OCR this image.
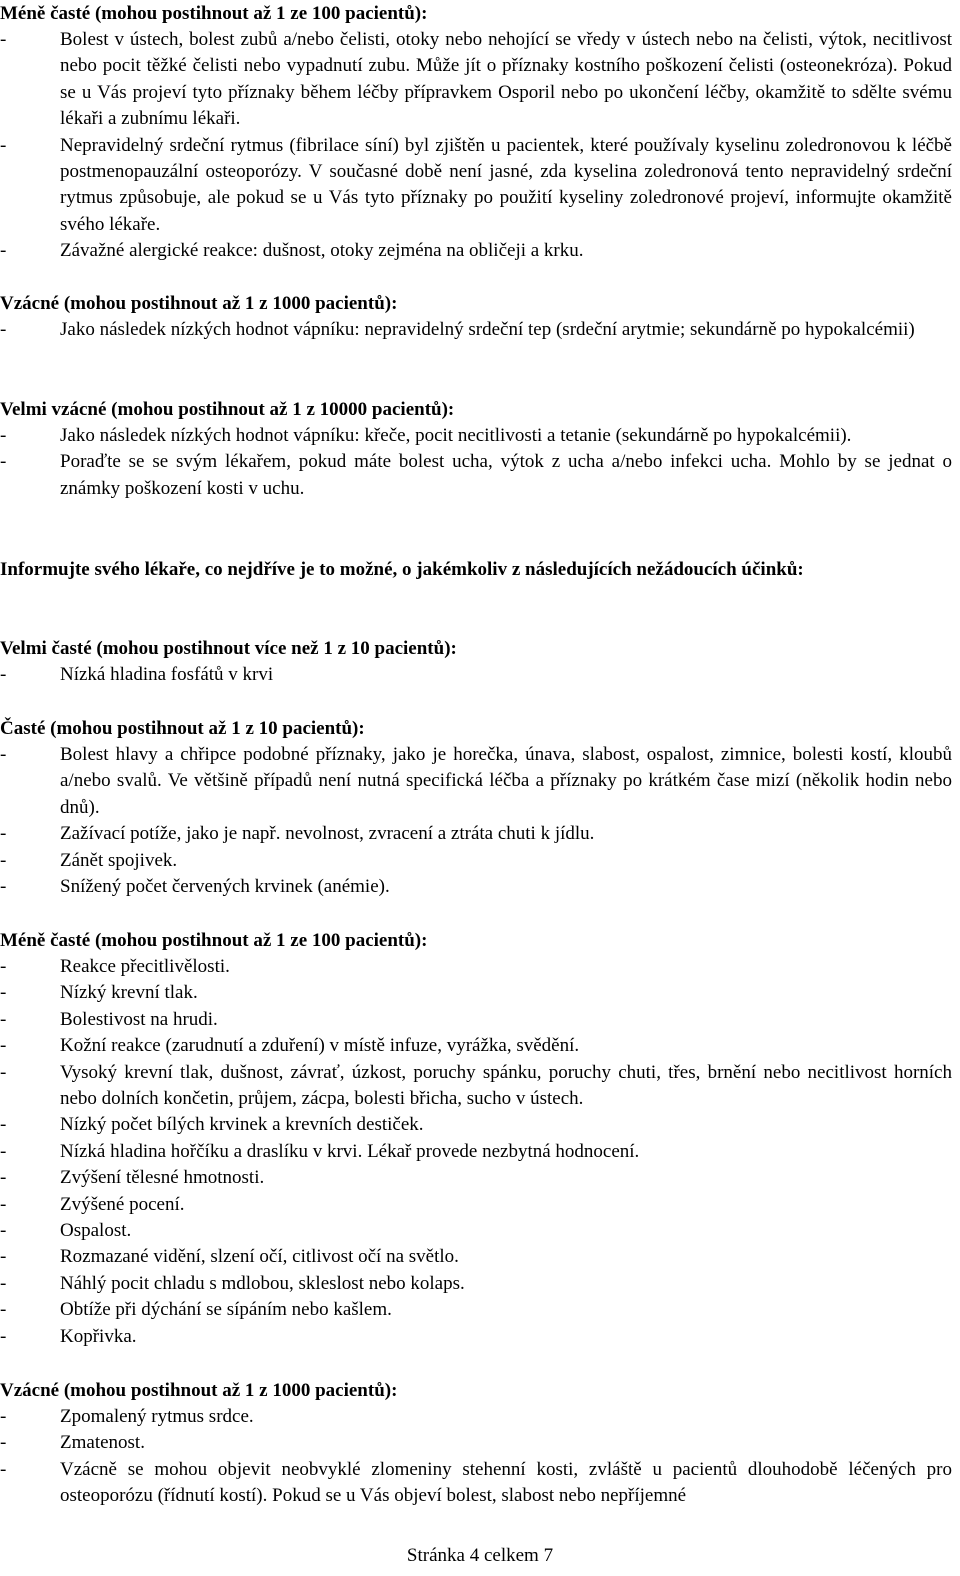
Méně časté (mohou postihnout až 1 ze 100 pacientů):
-	Bolest v ústech, bolest zubů a/nebo čelisti, otoky nebo nehojící se vředy v ústech nebo na čelisti, výtok, necitlivost nebo pocit těžké čelisti nebo vypadnutí zubu. Může jít o příznaky kostního poškození čelisti (osteonekróza). Pokud se u Vás projeví tyto příznaky během léčby přípravkem Osporil nebo po ukončení léčby, okamžitě to sdělte svému lékaři a zubnímu lékaři.
-	Nepravidelný srdeční rytmus (fibrilace síní) byl zjištěn u pacientek, které používaly kyselinu zoledronovou k léčbě postmenopauzální osteoporózy. V současné době není jasné, zda kyselina zoledronová tento nepravidelný srdeční rytmus způsobuje, ale pokud se u Vás tyto příznaky po použití kyseliny zoledronové projeví, informujte okamžitě svého lékaře.
-	Závažné alergické reakce: dušnost, otoky zejména na obličeji a krku.
Vzácné (mohou postihnout až 1 z 1000 pacientů):
-	Jako následek nízkých hodnot vápníku: nepravidelný srdeční tep (srdeční arytmie; sekundárně po hypokalcémii)
Velmi vzácné (mohou postihnout až 1 z 10000 pacientů):
-	Jako následek nízkých hodnot vápníku: křeče, pocit necitlivosti a tetanie (sekundárně po hypokalcémii).
-	Poraďte se se svým lékařem, pokud máte bolest ucha, výtok z ucha a/nebo infekci ucha. Mohlo by se jednat o známky poškození kosti v uchu.
Informujte svého lékaře, co nejdříve je to možné, o jakémkoliv z následujících nežádoucích účinků:
Velmi časté (mohou postihnout více než 1 z 10 pacientů):
-	Nízká hladina fosfátů v krvi
Časté (mohou postihnout až 1 z 10 pacientů):
-	Bolest hlavy a chřipce podobné příznaky, jako je horečka, únava, slabost, ospalost, zimnice, bolesti kostí, kloubů a/nebo svalů. Ve většině případů není nutná specifická léčba a příznaky po krátkém čase mizí (několik hodin nebo dnů).
-	Zažívací potíže, jako je např. nevolnost, zvracení a ztráta chuti k jídlu.
-	Zánět spojivek.
-	Snížený počet červených krvinek (anémie).
Méně časté (mohou postihnout až 1 ze 100 pacientů):
-	Reakce přecitlivělosti.
-	Nízký krevní tlak.
-	Bolestivost na hrudi.
-	Kožní reakce (zarudnutí a zduření) v místě infuze, vyrážka, svědění.
-	Vysoký krevní tlak, dušnost, závrať, úzkost, poruchy spánku, poruchy chuti, třes, brnění nebo necitlivost horních nebo dolních končetin, průjem, zácpa, bolesti břicha, sucho v ústech.
-	Nízký počet bílých krvinek a krevních destiček.
-	Nízká hladina hořčíku a draslíku v krvi. Lékař provede nezbytná hodnocení.
-	Zvýšení tělesné hmotnosti.
-	Zvýšené pocení.
-	Ospalost.
-	Rozmazané vidění, slzení očí, citlivost očí na světlo.
-	Náhlý pocit chladu s mdlobou, skleslost nebo kolaps.
-	Obtíže při dýchání se sípáním nebo kašlem.
-	Kopřivka.
Vzácné (mohou postihnout až 1 z 1000 pacientů):
-	Zpomalený rytmus srdce.
-	Zmatenost.
-	Vzácně se mohou objevit neobvyklé zlomeniny stehenní kosti, zvláště u pacientů dlouhodobě léčených pro osteoporózu (řídnutí kostí). Pokud se u Vás objeví bolest, slabost nebo nepříjemné
Stránka 4 celkem 7
